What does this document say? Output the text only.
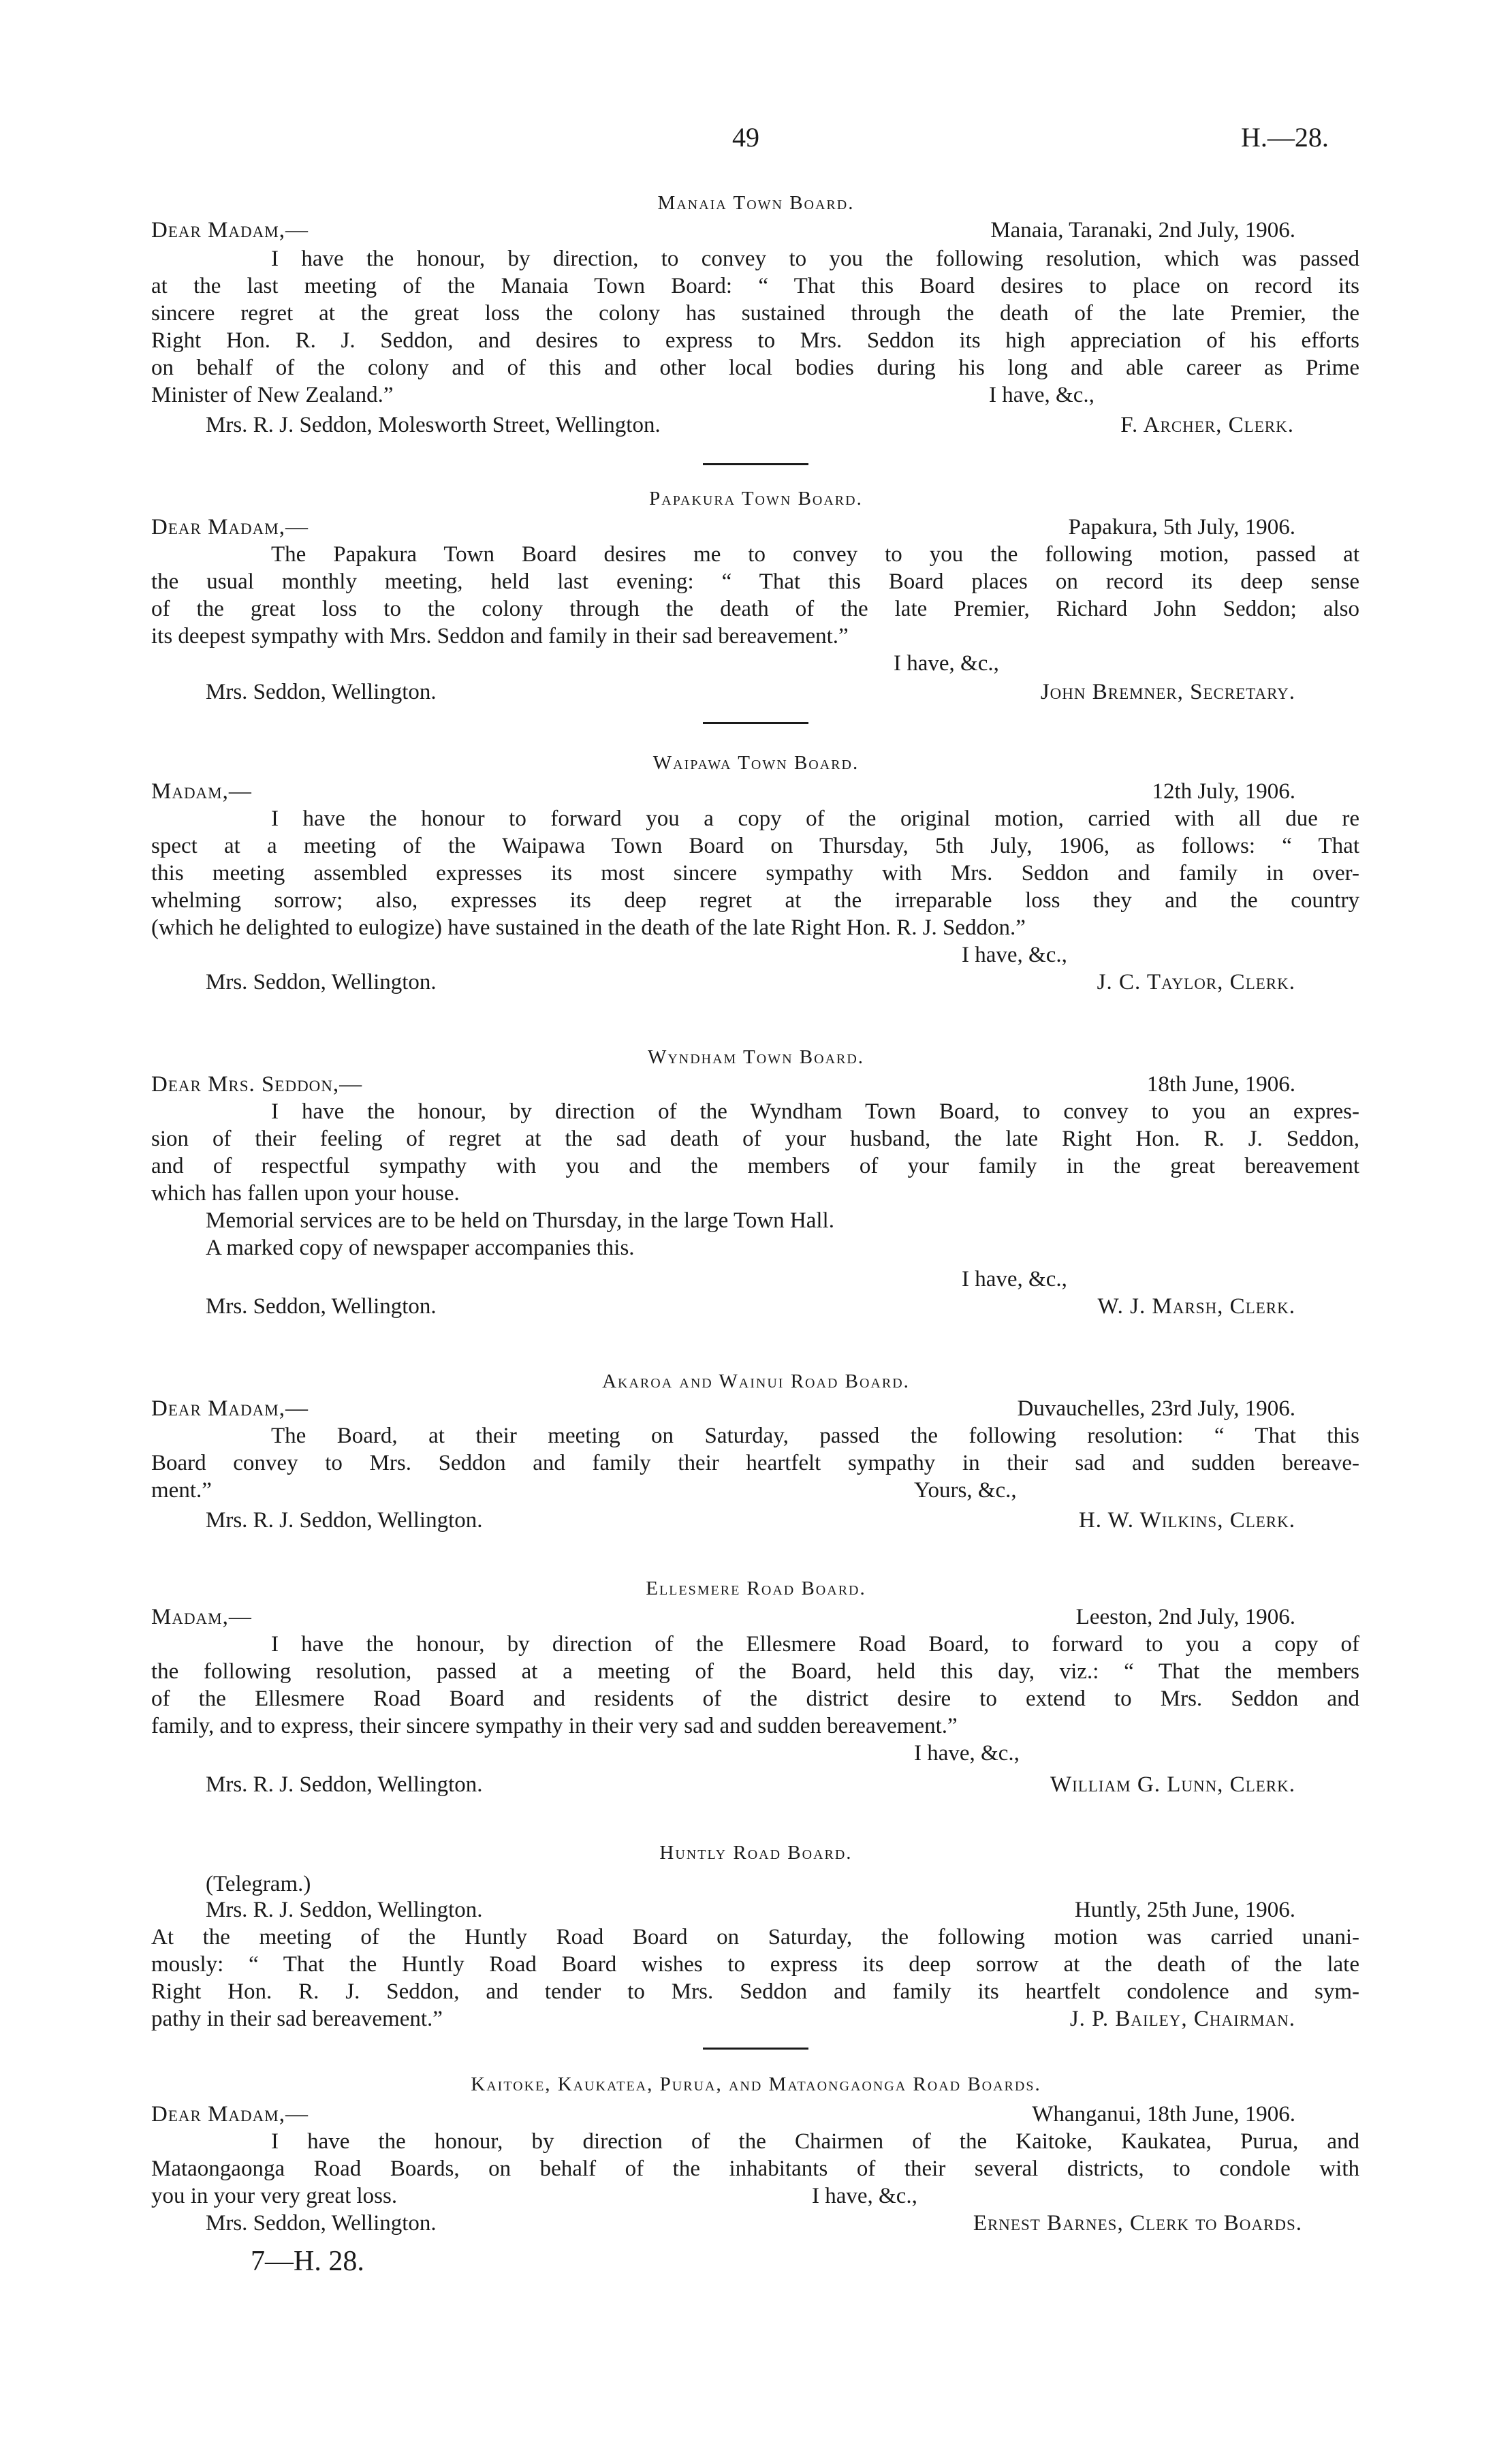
49	H.—28.
Manaia Town Board.
Dear Madam,—	Manaia, Taranaki, 2nd July, 1906.
I have the honour, by direction, to convey to you the following resolution, which was passed
at the last meeting of the Manaia Town Board: “ That this Board desires to place on record its
sincere regret at the great loss the colony has sustained through the death of the late Premier, the
Right Hon. R. J. Seddon, and desires to express to Mrs. Seddon its high appreciation of his efforts
on behalf of the colony and of this and other local bodies during his long and able career as Prime
Minister of New Zealand.”	I have, &c.,
Mrs. R. J. Seddon, Molesworth Street, Wellington.	F. Archer, Clerk.
Papakura Town Board.
Dear Madam,—	Papakura, 5th July, 1906.
The Papakura Town Board desires me to convey to you the following motion, passed at
the usual monthly meeting, held last evening: “ That this Board places on record its deep sense
of the great loss to the colony through the death of the late Premier, Richard John Seddon; also
its deepest sympathy with Mrs. Seddon and family in their sad bereavement.”
I have, &c.,
Mrs. Seddon, Wellington.	John Bremner, Secretary.
Waipawa Town Board.
Madam,—	12th July, 1906.
I have the honour to forward you a copy of the original motion, carried with all due re
spect at a meeting of the Waipawa Town Board on Thursday, 5th July, 1906, as follows: “ That
this meeting assembled expresses its most sincere sympathy with Mrs. Seddon and family in over-
whelming sorrow; also, expresses its deep regret at the irreparable loss they and the country
(which he delighted to eulogize) have sustained in the death of the late Right Hon. R. J. Seddon.”
I have, &c.,
Mrs. Seddon, Wellington.	J. C. Taylor, Clerk.
Wyndham Town Board.
Dear Mrs. Seddon,—	18th June, 1906.
I have the honour, by direction of the Wyndham Town Board, to convey to you an expres-
sion of their feeling of regret at the sad death of your husband, the late Right Hon. R. J. Seddon,
and of respectful sympathy with you and the members of your family in the great bereavement
which has fallen upon your house.
Memorial services are to be held on Thursday, in the large Town Hall.
A marked copy of newspaper accompanies this.
I have, &c.,
Mrs. Seddon, Wellington.	W. J. Marsh, Clerk.
Akaroa and Wainui Road Board.
Dear Madam,—	Duvauchelles, 23rd July, 1906.
The Board, at their meeting on Saturday, passed the following resolution: “ That this
Board convey to Mrs. Seddon and family their heartfelt sympathy in their sad and sudden bereave-
ment.”	Yours, &c.,
Mrs. R. J. Seddon, Wellington.	H. W. Wilkins, Clerk.
Ellesmere Road Board.
Madam,—	Leeston, 2nd July, 1906.
I have the honour, by direction of the Ellesmere Road Board, to forward to you a copy of
the following resolution, passed at a meeting of the Board, held this day, viz.: “ That the members
of the Ellesmere Road Board and residents of the district desire to extend to Mrs. Seddon and
family, and to express, their sincere sympathy in their very sad and sudden bereavement.”
I have, &c.,
Mrs. R. J. Seddon, Wellington.	William G. Lunn, Clerk.
Huntly Road Board.
(Telegram.)
Mrs. R. J. Seddon, Wellington.	Huntly, 25th June, 1906.
At the meeting of the Huntly Road Board on Saturday, the following motion was carried unani-
mously: “ That the Huntly Road Board wishes to express its deep sorrow at the death of the late
Right Hon. R. J. Seddon, and tender to Mrs. Seddon and family its heartfelt condolence and sym-
pathy in their sad bereavement.”	J. P. Bailey, Chairman.
Kaitoke, Kaukatea, Purua, and Mataongaonga Road Boards.
Dear Madam,—	Whanganui, 18th June, 1906.
I have the honour, by direction of the Chairmen of the Kaitoke, Kaukatea, Purua, and
Mataongaonga Road Boards, on behalf of the inhabitants of their several districts, to condole with
you in your very great loss.	I have, &c.,
Mrs. Seddon, Wellington.	Ernest Barnes, Clerk to Boards.
7—H. 28.
